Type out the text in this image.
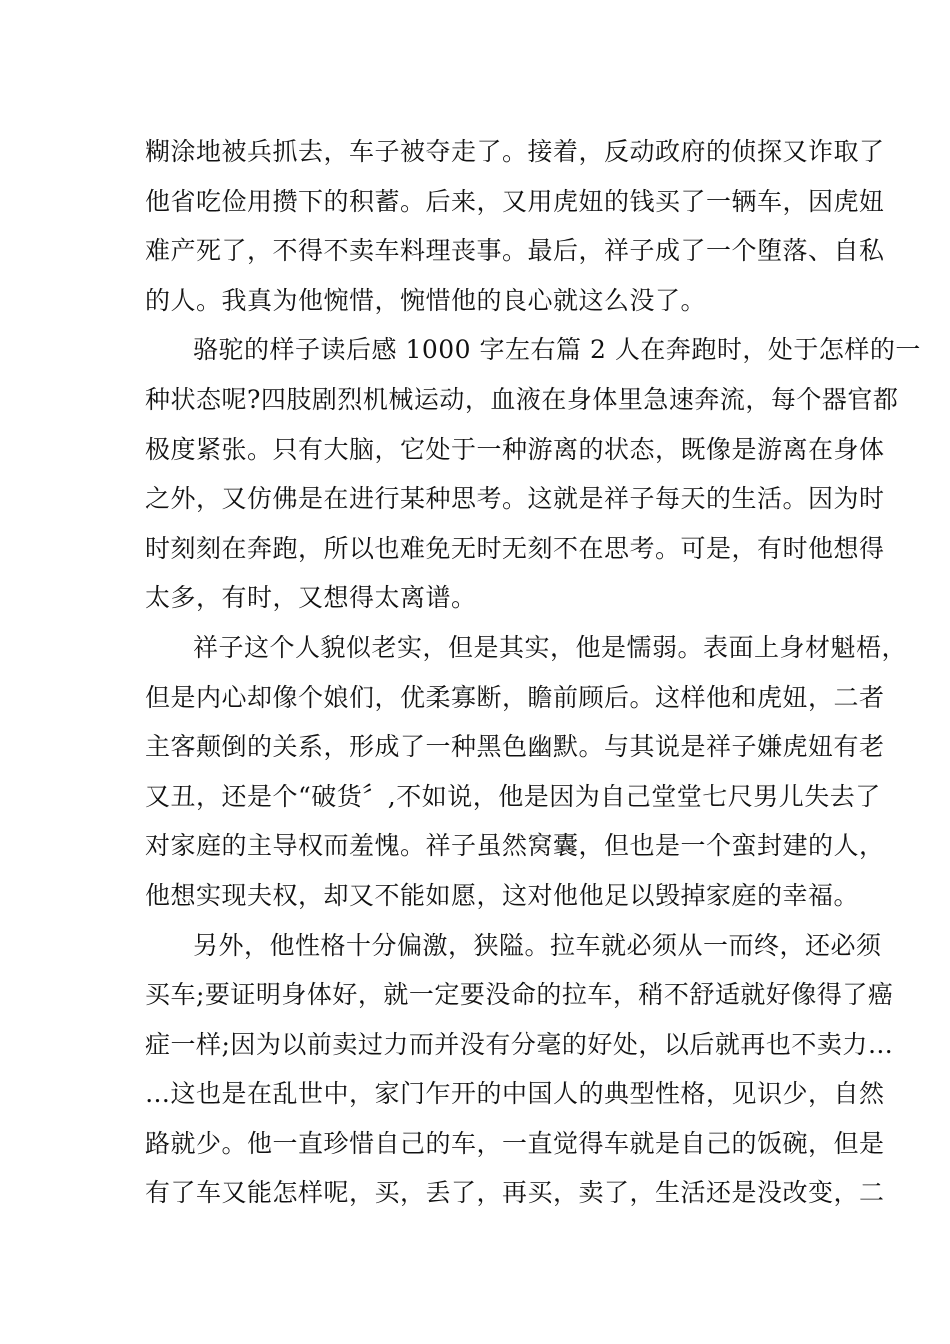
糊涂地被兵抓去，车子被夺走了。接着，反动政府的侦探又诈取了
他省吃俭用攒下的积蓄。后来，又用虎妞的钱买了一辆车，因虎妞
难产死了，不得不卖车料理丧事。最后，祥子成了一个堕落、自私
的人。我真为他惋惜，惋惜他的良心就这么没了。
骆驼的样子读后感 1000 字左右篇 2 人在奔跑时，处于怎样的一
种状态呢?四肢剧烈机械运动，血液在身体里急速奔流，每个器官都
极度紧张。只有大脑，它处于一种游离的状态，既像是游离在身体
之外，又仿佛是在进行某种思考。这就是祥子每天的生活。因为时
时刻刻在奔跑，所以也难免无时无刻不在思考。可是，有时他想得
太多，有时，又想得太离谱。
祥子这个人貌似老实，但是其实，他是懦弱。表面上身材魁梧，
但是内心却像个娘们，优柔寡断，瞻前顾后。这样他和虎妞，二者
主客颠倒的关系，形成了一种黑色幽默。与其说是祥子嫌虎妞有老
又丑，还是个“破货〞,不如说，他是因为自己堂堂七尺男儿失去了
对家庭的主导权而羞愧。祥子虽然窝囊，但也是一个蛮封建的人，
他想实现夫权，却又不能如愿，这对他他足以毁掉家庭的幸福。
另外，他性格十分偏激，狭隘。拉车就必须从一而终，还必须
买车;要证明身体好，就一定要没命的拉车，稍不舒适就好像得了癌
症一样;因为以前卖过力而并没有分毫的好处，以后就再也不卖力…
…这也是在乱世中，家门乍开的中国人的典型性格，见识少，自然
路就少。他一直珍惜自己的车，一直觉得车就是自己的饭碗，但是
有了车又能怎样呢，买，丢了，再买，卖了，生活还是没改变，二
